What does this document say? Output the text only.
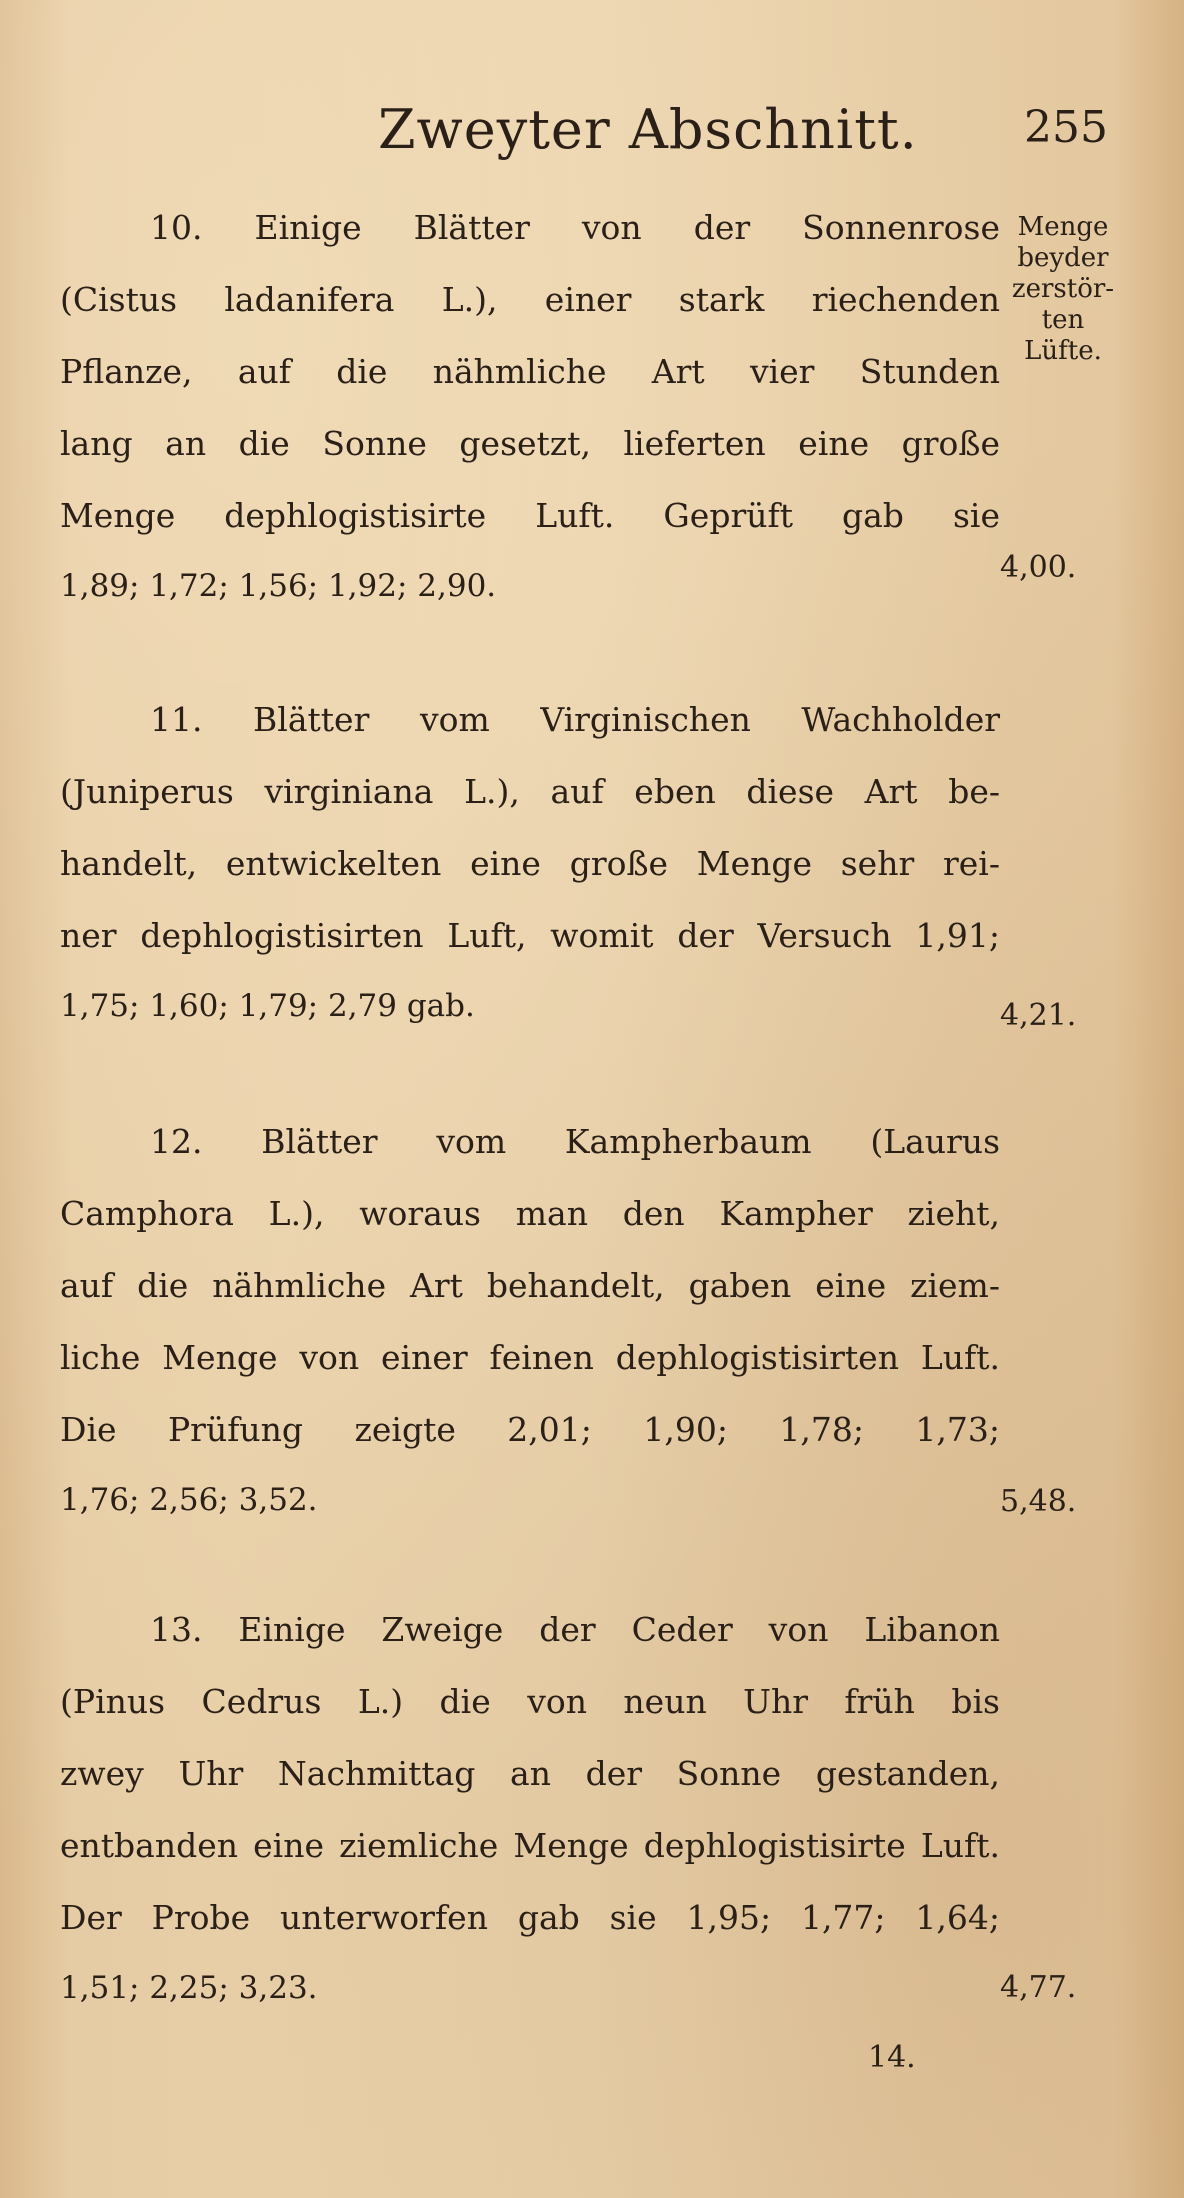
Zweyter Abschnitt. 255
Menge
beyder
zerstör-
ten
Lüfte.
10. Einige Blätter von der Sonnenrose
(Cistus ladanifera L.), einer stark riechenden
Pflanze, auf die nähmliche Art vier Stunden
lang an die Sonne gesetzt, lieferten eine große
Menge dephlogistisirte Luft. Geprüft gab sie
1,89; 1,72; 1,56; 1,92; 2,90.
4,00.
11. Blätter vom Virginischen Wachholder
(Juniperus virginiana L.), auf eben diese Art be-
handelt, entwickelten eine große Menge sehr rei-
ner dephlogistisirten Luft, womit der Versuch 1,91;
1,75; 1,60; 1,79; 2,79 gab.	4,21.
12. Blätter vom Kampherbaum (Laurus
Camphora L.), woraus man den Kampher zieht,
auf die nähmliche Art behandelt, gaben eine ziem-
liche Menge von einer feinen dephlogistisirten Luft.
Die Prüfung zeigte 2,01; 1,90; 1,78; 1,73;
1,76; 2,56; 3,52.	5,48.
13. Einige Zweige der Ceder von Libanon
(Pinus Cedrus L.) die von neun Uhr früh bis
zwey Uhr Nachmittag an der Sonne gestanden,
entbanden eine ziemliche Menge dephlogistisirte Luft.
Der Probe unterworfen gab sie 1,95; 1,77; 1,64;
1,51; 2,25; 3,23.	4,77.
14.
